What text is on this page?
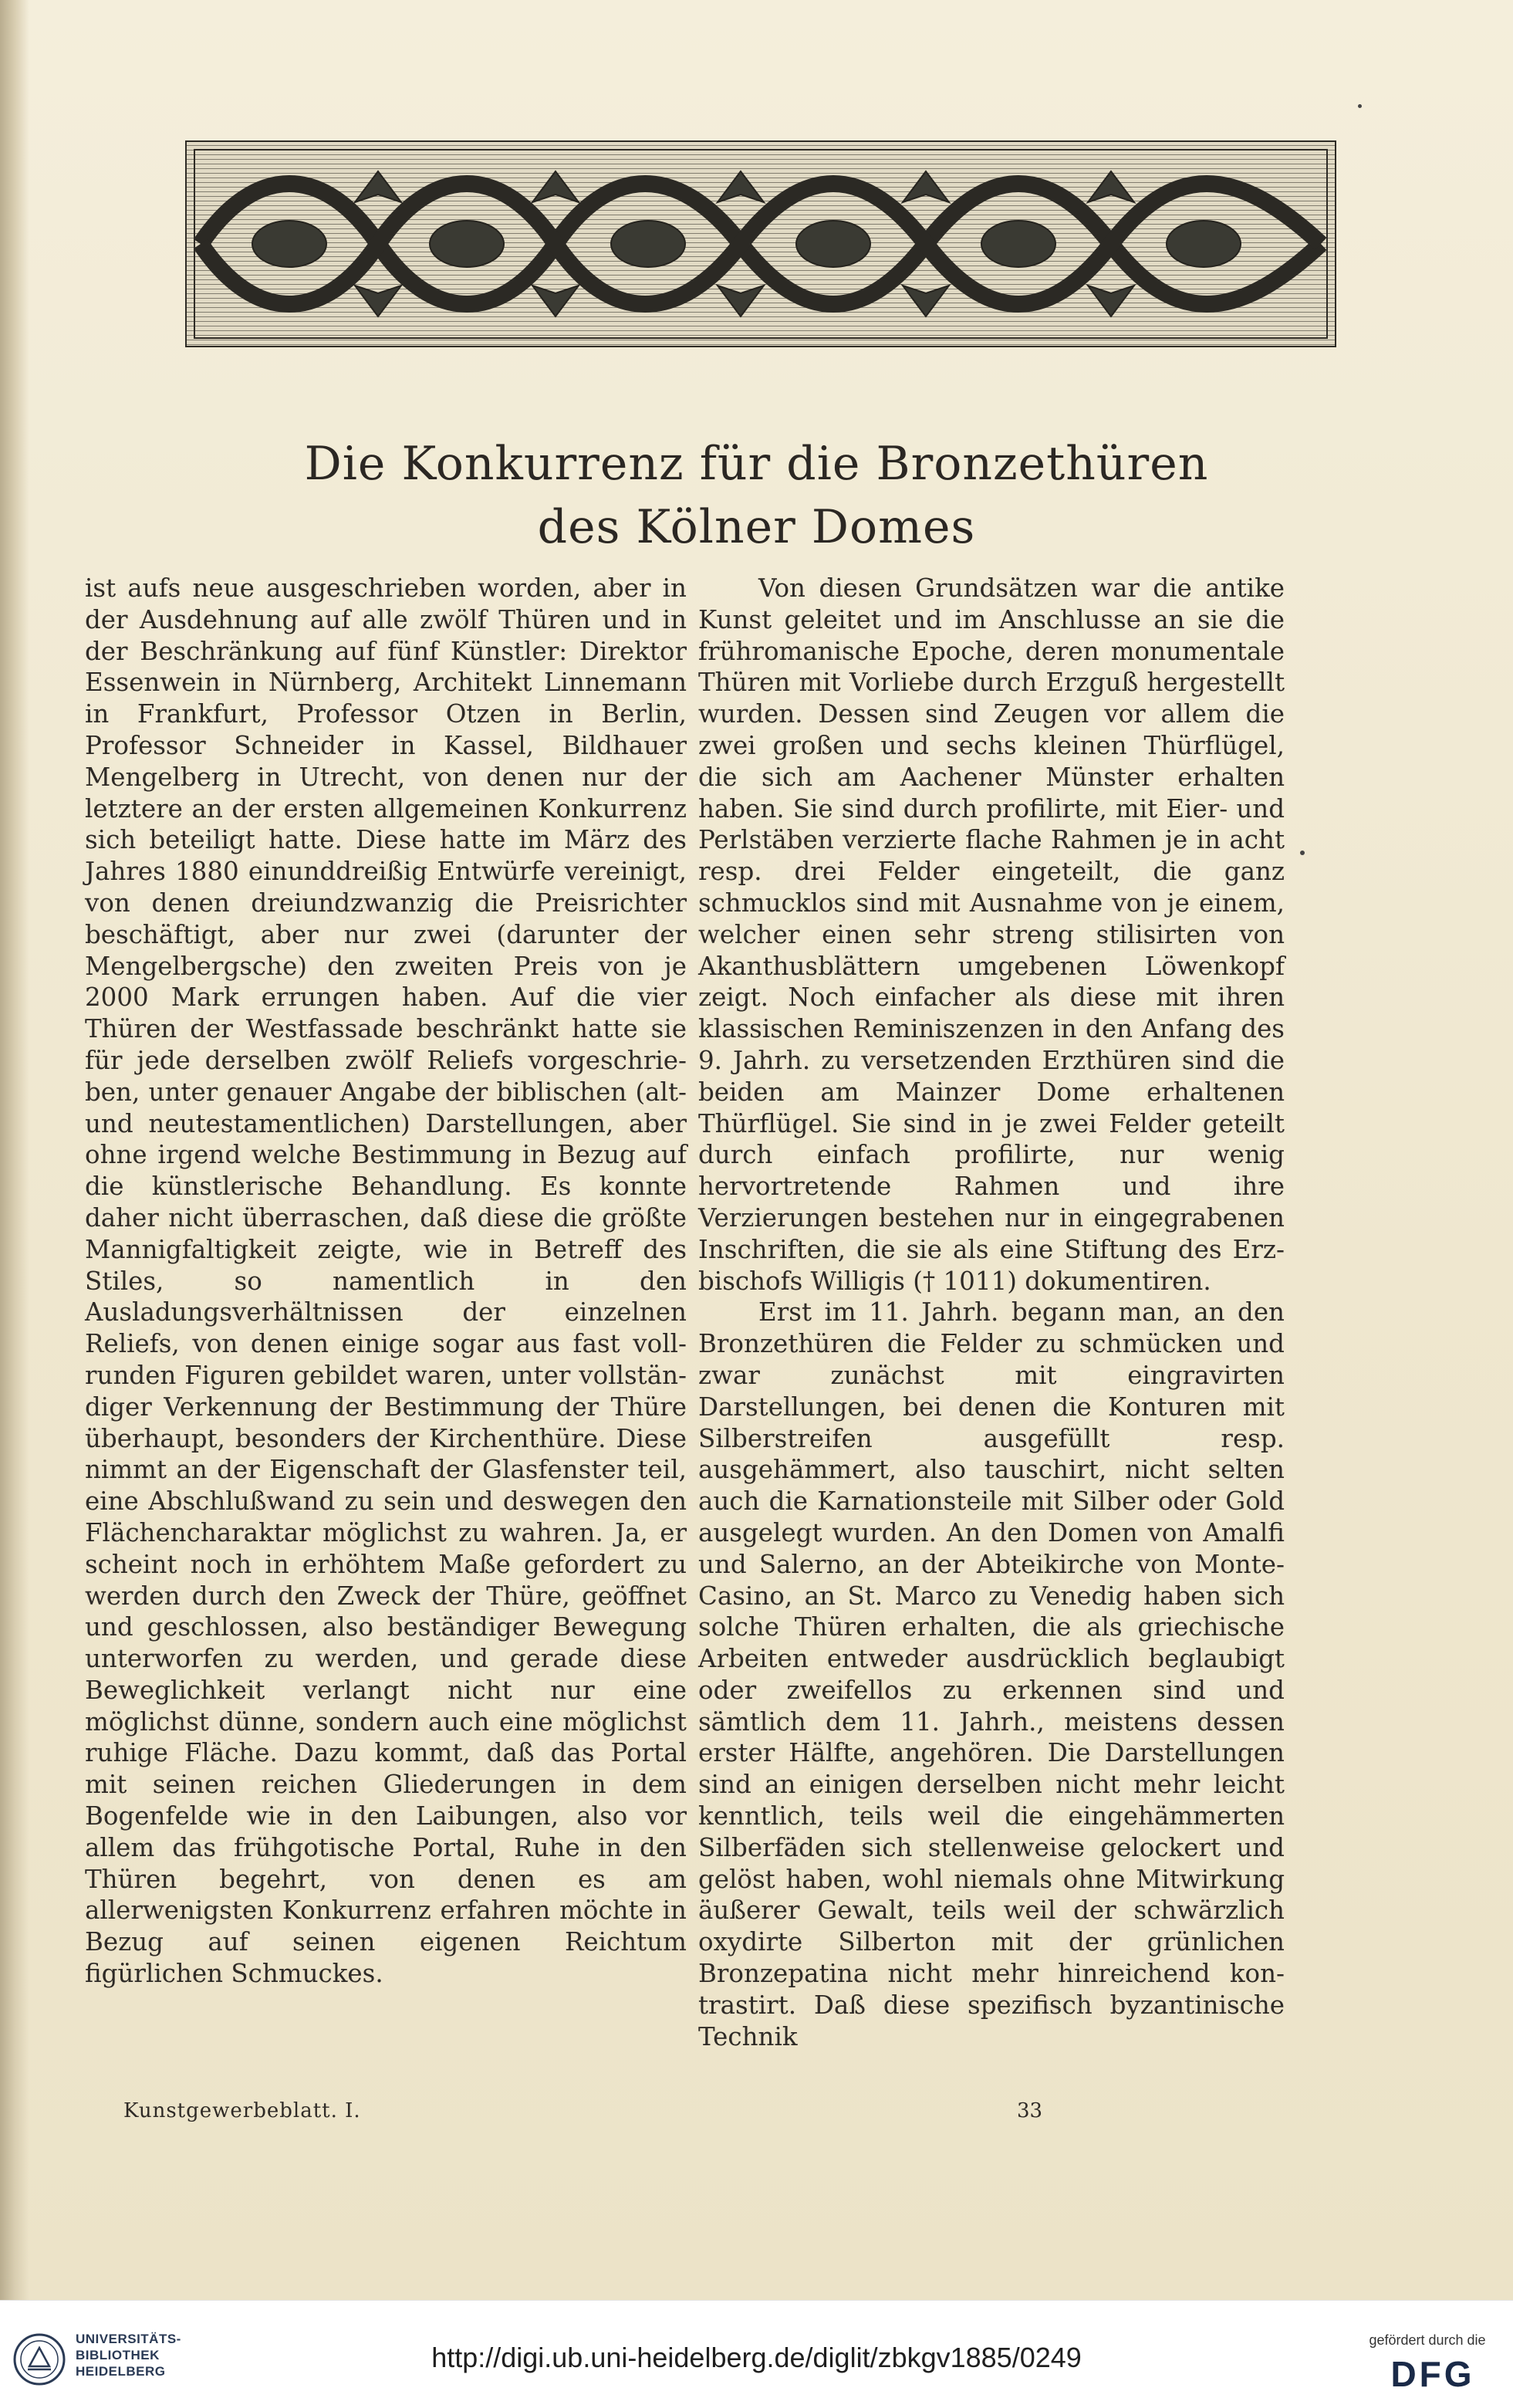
Die Konkurrenz für die Bronzethüren
des Kölner Domes

ist aufs neue ausgeschrieben worden, aber in der Ausdehnung auf alle zwölf Thüren und in der Beschränkung auf fünf Künstler: Direktor Essenwein in Nürnberg, Architekt Linnemann in Frankfurt, Professor Otzen in Berlin, Professor Schneider in Kassel, Bildhauer Mengelberg in Utrecht, von denen nur der letztere an der ersten allgemeinen Konkurrenz sich beteiligt hatte. Diese hatte im März des Jahres 1880 einunddreißig Entwürfe vereinigt, von denen dreiundzwanzig die Preisrichter beschäftigt, aber nur zwei (darunter der Mengelbergsche) den zweiten Preis von je 2000 Mark errungen haben. Auf die vier Thüren der Westfassade beschränkt hatte sie für jede derselben zwölf Reliefs vorgeschrieben, unter genauer Angabe der biblischen (alt- und neutestamentlichen) Darstellungen, aber ohne irgend welche Bestimmung in Bezug auf die künstlerische Behandlung. Es konnte daher nicht überraschen, daß diese die größte Mannigfaltigkeit zeigte, wie in Betreff des Stiles, so namentlich in den Ausladungsverhältnissen der einzelnen Reliefs, von denen einige sogar aus fast vollrunden Figuren gebildet waren, unter vollständiger Verkennung der Bestimmung der Thüre überhaupt, besonders der Kirchenthüre. Diese nimmt an der Eigenschaft der Glasfenster teil, eine Abschlußwand zu sein und deswegen den Flächencharaktar möglichst zu wahren. Ja, er scheint noch in erhöhtem Maße gefordert zu werden durch den Zweck der Thüre, geöffnet und geschlossen, also beständiger Bewegung unterworfen zu werden, und gerade diese Beweglichkeit verlangt nicht nur eine möglichst dünne, sondern auch eine möglichst ruhige Fläche. Dazu kommt, daß das Portal mit seinen reichen Gliederungen in dem Bogenfelde wie in den Laibungen, also vor allem das frühgotische Portal, Ruhe in den Thüren begehrt, von denen es am allerwenigsten Konkurrenz erfahren möchte in Bezug auf seinen eigenen Reichtum figürlichen Schmuckes.

Von diesen Grundsätzen war die antike Kunst geleitet und im Anschlusse an sie die frühromanische Epoche, deren monumentale Thüren mit Vorliebe durch Erzguß hergestellt wurden. Dessen sind Zeugen vor allem die zwei großen und sechs kleinen Thürflügel, die sich am Aachener Münster erhalten haben. Sie sind durch profilirte, mit Eier- und Perlstäben verzierte flache Rahmen je in acht resp. drei Felder eingeteilt, die ganz schmucklos sind mit Ausnahme von je einem, welcher einen sehr streng stilisirten von Akanthusblättern umgebenen Löwenkopf zeigt. Noch einfacher als diese mit ihren klassischen Reminiszenzen in den Anfang des 9. Jahrh. zu versetzenden Erzthüren sind die beiden am Mainzer Dome erhaltenen Thürflügel. Sie sind in je zwei Felder geteilt durch einfach profilirte, nur wenig hervortretende Rahmen und ihre Verzierungen bestehen nur in eingegrabenen Inschriften, die sie als eine Stiftung des Erzbischofs Willigis († 1011) dokumentiren.

Erst im 11. Jahrh. begann man, an den Bronzethüren die Felder zu schmücken und zwar zunächst mit eingravirten Darstellungen, bei denen die Konturen mit Silberstreifen ausgefüllt resp. ausgehämmert, also tauschirt, nicht selten auch die Karnationsteile mit Silber oder Gold ausgelegt wurden. An den Domen von Amalfi und Salerno, an der Abteikirche von Monte-Casino, an St. Marco zu Venedig haben sich solche Thüren erhalten, die als griechische Arbeiten entweder ausdrücklich beglaubigt oder zweifellos zu erkennen sind und sämtlich dem 11. Jahrh., meistens dessen erster Hälfte, angehören. Die Darstellungen sind an einigen derselben nicht mehr leicht kenntlich, teils weil die eingehämmerten Silberfäden sich stellenweise gelockert und gelöst haben, wohl niemals ohne Mitwirkung äußerer Gewalt, teils weil der schwärzlich oxydirte Silberton mit der grünlichen Bronzepatina nicht mehr hinreichend kontrastirt. Daß diese spezifisch byzantinische Technik

Kunstgewerbeblatt. I.	33
UNIVERSITÄTS-
BIBLIOTHEK
HEIDELBERG	http://digi.ub.uni-heidelberg.de/diglit/zbkgv1885/0249
gefördert durch die
DFG
